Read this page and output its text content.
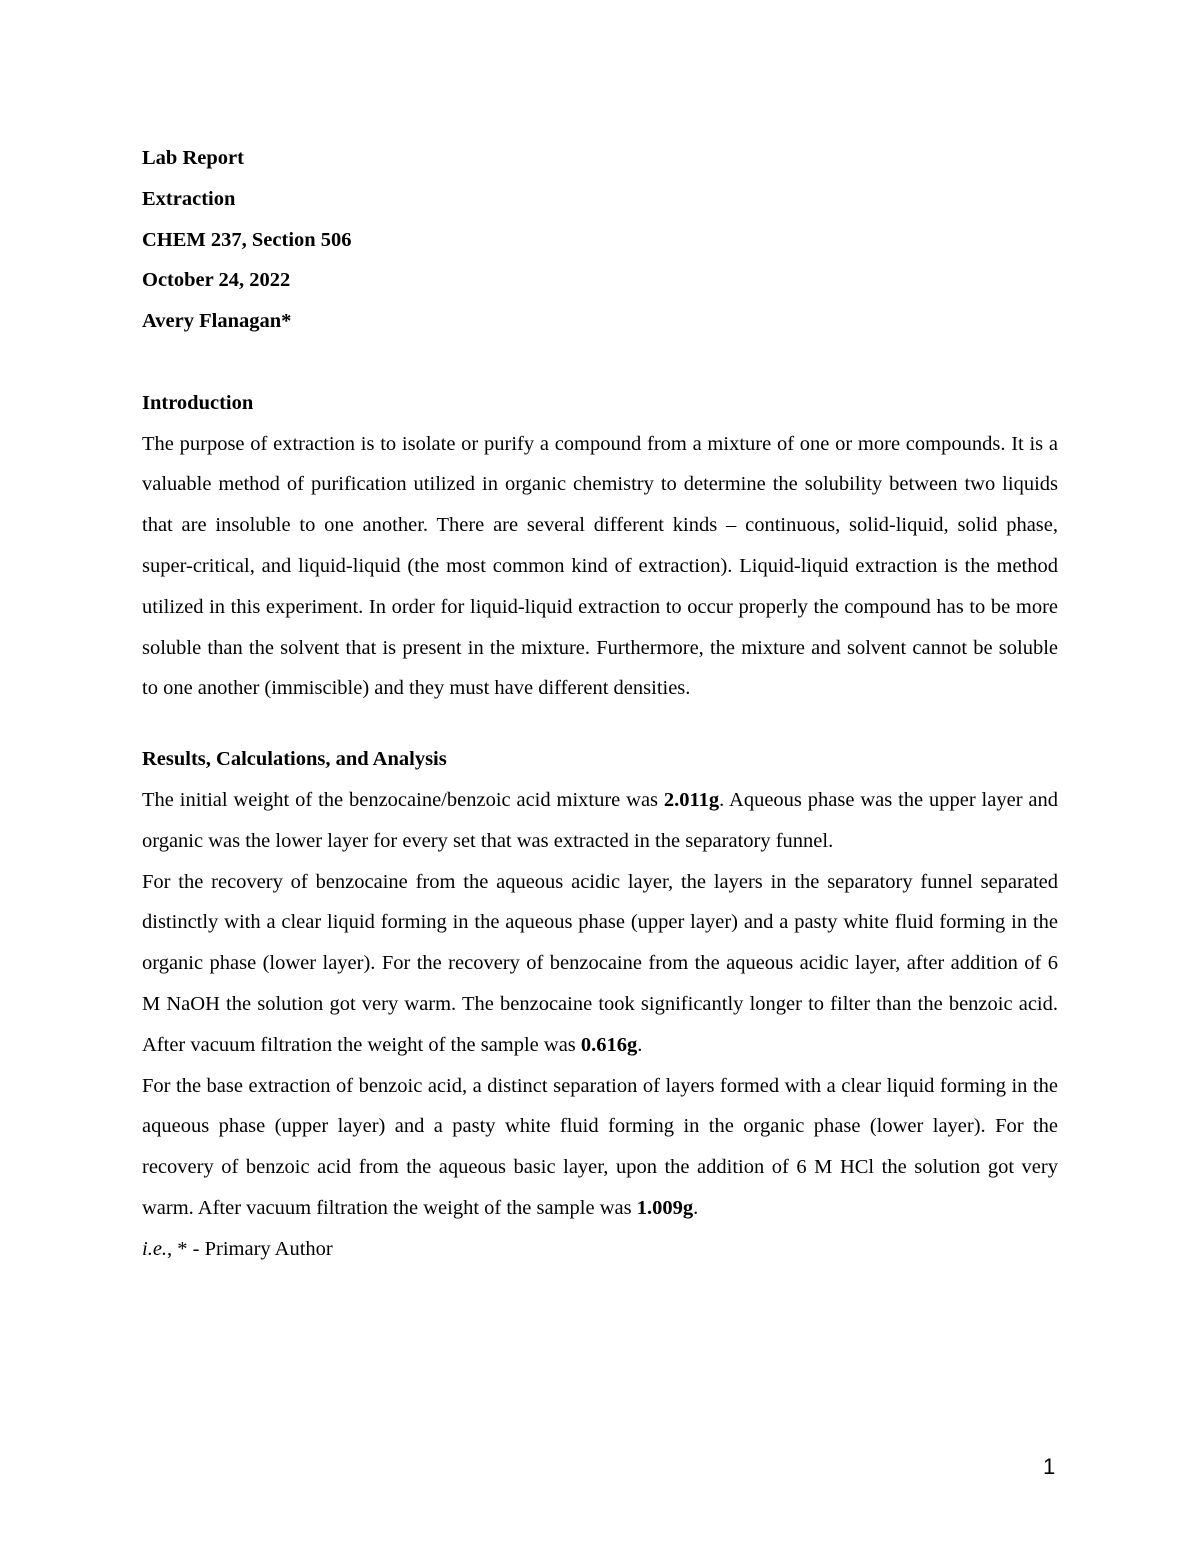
Lab Report

Extraction

CHEM 237, Section 506

October 24, 2022

Avery Flanagan*

Introduction

The purpose of extraction is to isolate or purify a compound from a mixture of one or more compounds. It is a valuable method of purification utilized in organic chemistry to determine the solubility between two liquids that are insoluble to one another. There are several different kinds – continuous, solid-liquid, solid phase, super-critical, and liquid-liquid (the most common kind of extraction). Liquid-liquid extraction is the method utilized in this experiment. In order for liquid-liquid extraction to occur properly the compound has to be more soluble than the solvent that is present in the mixture. Furthermore, the mixture and solvent cannot be soluble to one another (immiscible) and they must have different densities.

Results, Calculations, and Analysis

The initial weight of the benzocaine/benzoic acid mixture was 2.011g. Aqueous phase was the upper layer and organic was the lower layer for every set that was extracted in the separatory funnel.

For the recovery of benzocaine from the aqueous acidic layer, the layers in the separatory funnel separated distinctly with a clear liquid forming in the aqueous phase (upper layer) and a pasty white fluid forming in the organic phase (lower layer). For the recovery of benzocaine from the aqueous acidic layer, after addition of 6 M NaOH the solution got very warm. The benzocaine took significantly longer to filter than the benzoic acid. After vacuum filtration the weight of the sample was 0.616g.

For the base extraction of benzoic acid, a distinct separation of layers formed with a clear liquid forming in the aqueous phase (upper layer) and a pasty white fluid forming in the organic phase (lower layer). For the recovery of benzoic acid from the aqueous basic layer, upon the addition of 6 M HCl the solution got very warm. After vacuum filtration the weight of the sample was 1.009g.

i.e., * - Primary Author

1
